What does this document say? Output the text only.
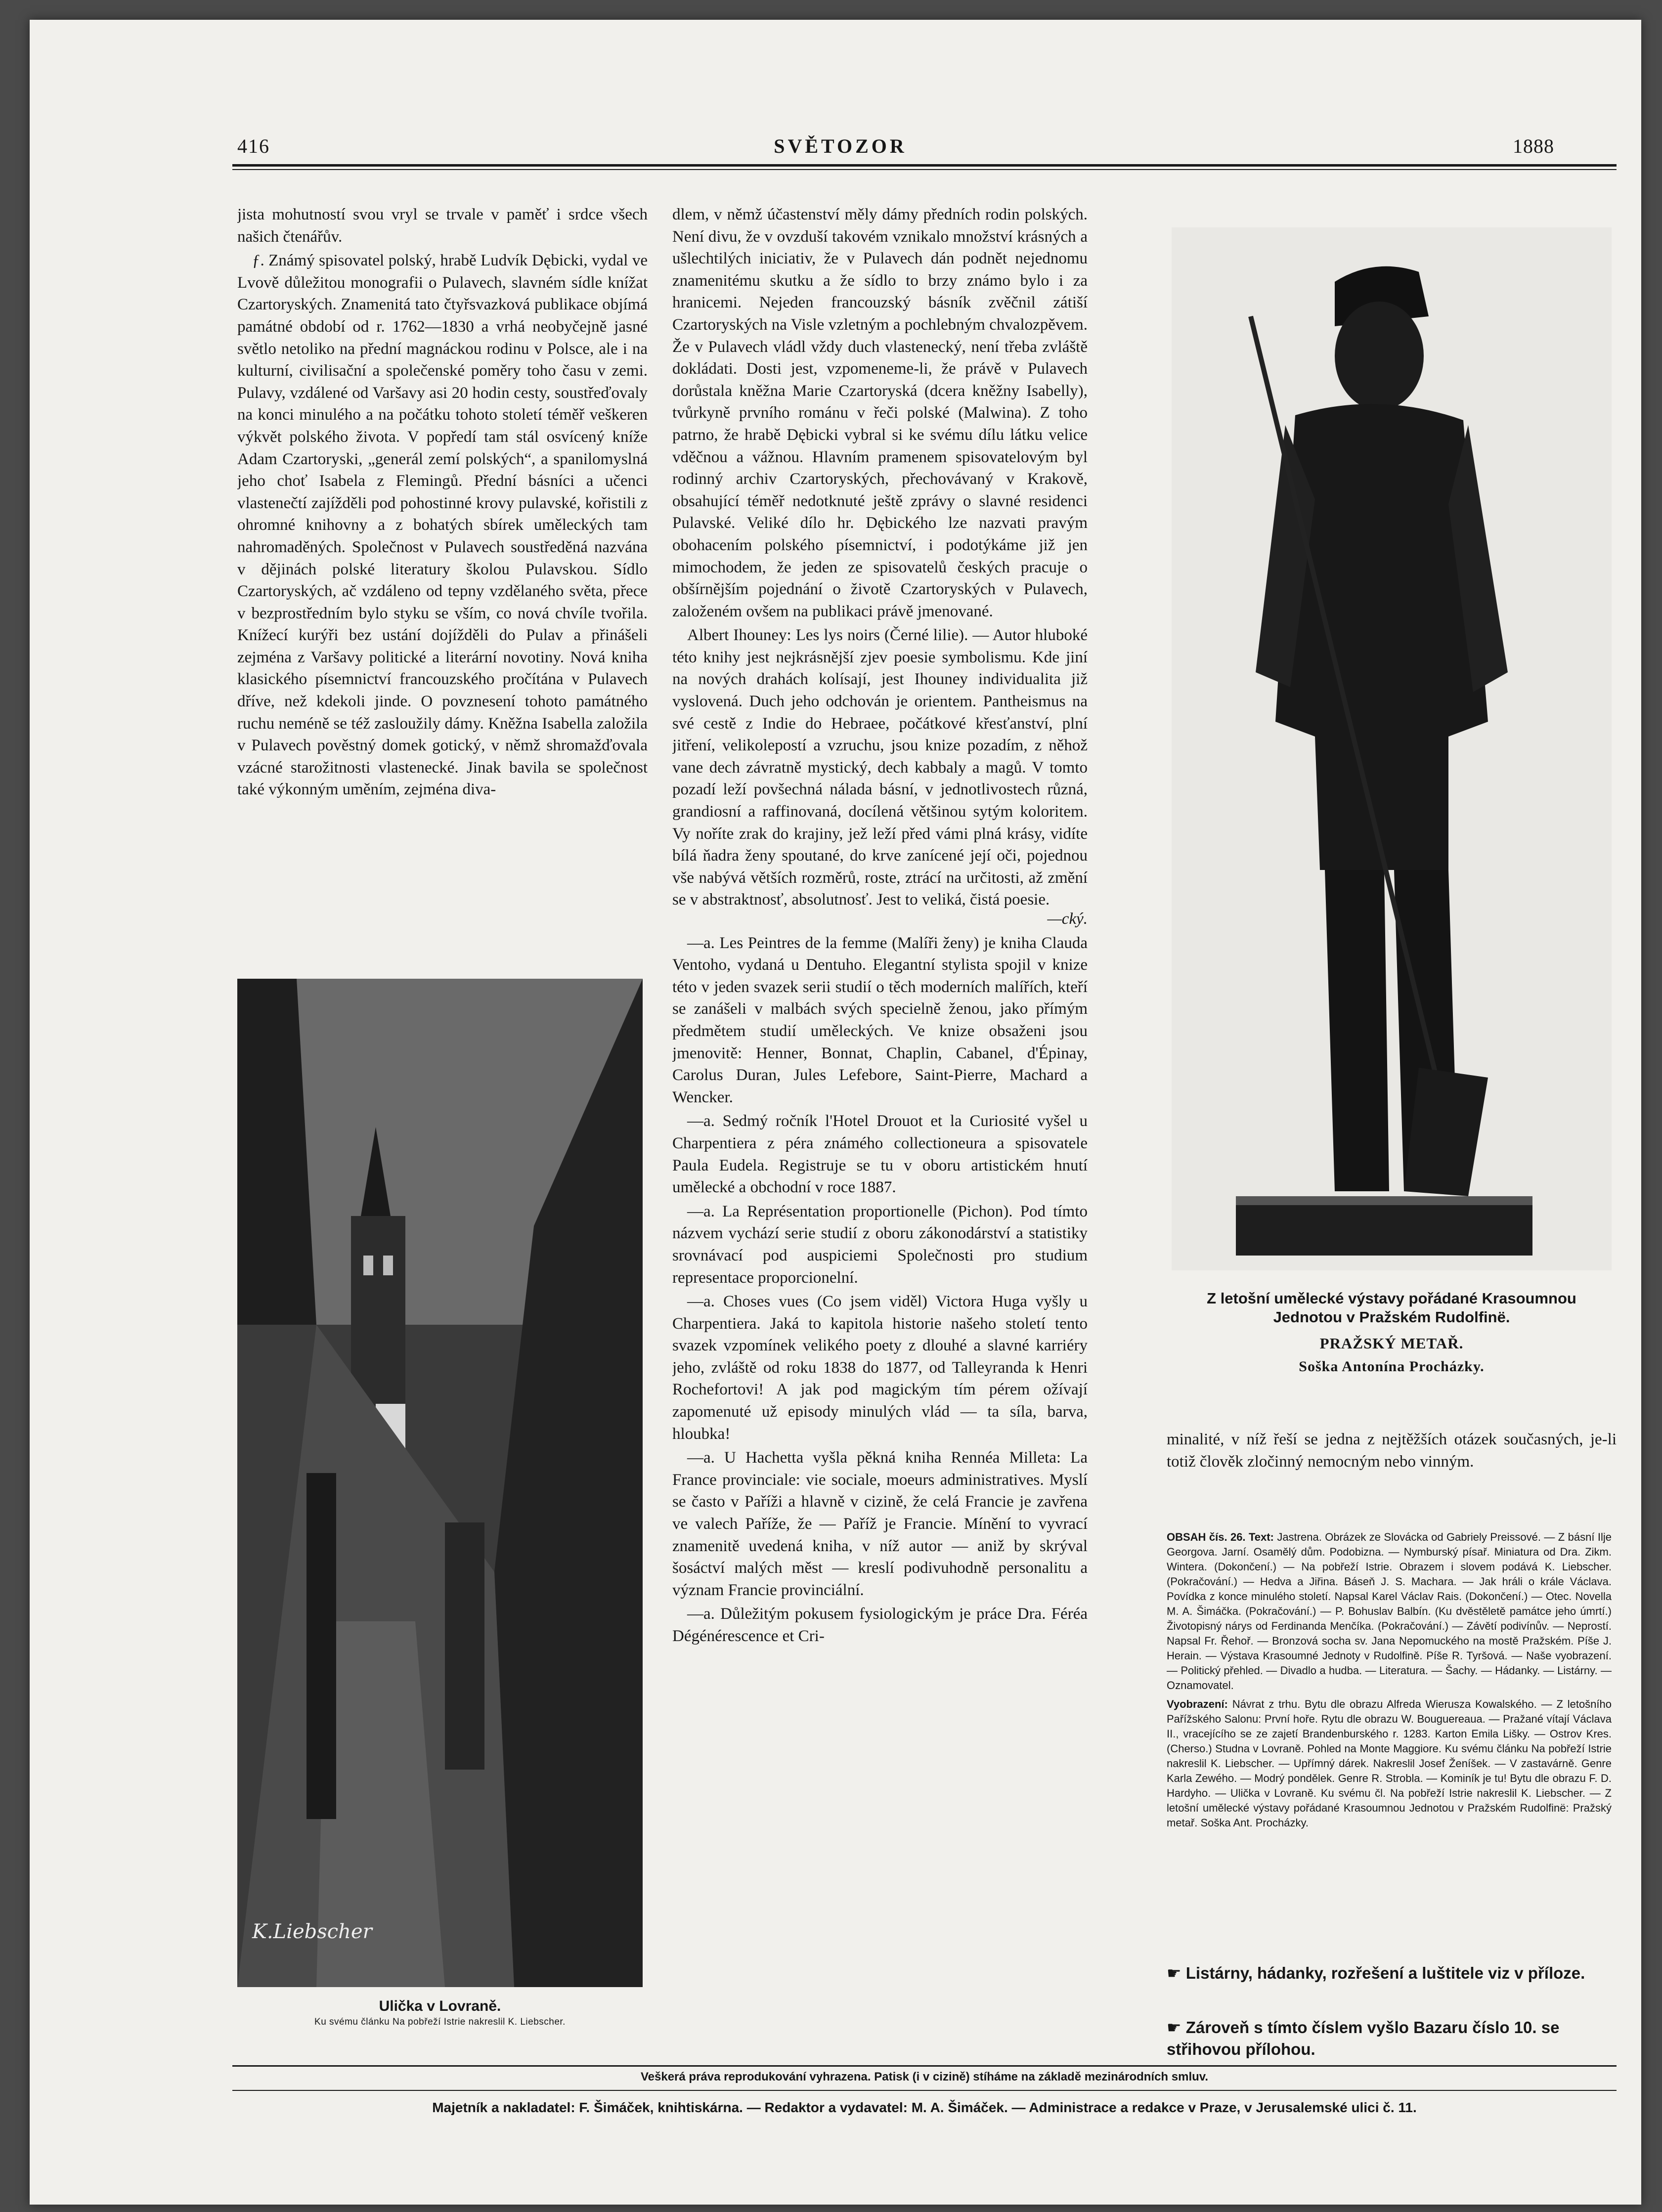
416	SVĚTOZOR	1888

jista mohutností svou vryl se trvale v paměť i srdce všech našich čtenářův.

ƒ. Známý spisovatel polský, hrabě Ludvík Dębicki, vydal ve Lvově důležitou monografii o Pulavech, slavném sídle knížat Czartoryských. Znamenitá tato čtyřsvazková publikace objímá památné období od r. 1762—1830 a vrhá neobyčejně jasné světlo netoliko na přední magnáckou rodinu v Polsce, ale i na kulturní, civilisační a společenské poměry toho času v zemi. Pulavy, vzdálené od Varšavy asi 20 hodin cesty, soustřeďovaly na konci minulého a na počátku tohoto století téměř veškeren výkvět polského života. V popředí tam stál osvícený kníže Adam Czartoryski, „generál zemí polských“, a spanilomyslná jeho choť Isabela z Flemingů. Přední básníci a učenci vlastenečtí zajížděli pod pohostinné krovy pulavské, kořistili z ohromné knihovny a z bohatých sbírek uměleckých tam nahromaděných. Společnost v Pulavech soustředěná nazvána v dějinách polské literatury školou Pulavskou. Sídlo Czartoryských, ač vzdáleno od tepny vzdělaného světa, přece v bezprostředním bylo styku se vším, co nová chvíle tvořila. Knížecí kurýři bez ustání dojížděli do Pulav a přinášeli zejména z Varšavy politické a literární novotiny. Nová kniha klasického písemnictví francouzského pročítána v Pulavech dříve, než kdekoli jinde. O povznesení tohoto památného ruchu neméně se též zasloužily dámy. Kněžna Isabella založila v Pulavech pověstný domek gotický, v němž shromažďovala vzácné starožitnosti vlastenecké. Jinak bavila se společnost také výkonným uměním, zejména diva-

K.Liebscher
Ulička v Lovraně.
Ku svému článku Na pobřeží Istrie nakreslil K. Liebscher.

dlem, v němž účastenství měly dámy předních rodin polských. Není divu, že v ovzduší takovém vznikalo množství krásných a ušlechtilých iniciativ, že v Pulavech dán podnět nejednomu znamenitému skutku a že sídlo to brzy známo bylo i za hranicemi. Nejeden francouzský básník zvěčnil zátiší Czartoryských na Visle vzletným a pochlebným chvalozpěvem. Že v Pulavech vládl vždy duch vlastenecký, není třeba zvláště dokládati. Dosti jest, vzpomeneme-li, že právě v Pulavech dorůstala kněžna Marie Czartoryská (dcera kněžny Isabelly), tvůrkyně prvního románu v řeči polské (Malwina). Z toho patrno, že hrabě Dębicki vybral si ke svému dílu látku velice vděčnou a vážnou. Hlavním pramenem spisovatelovým byl rodinný archiv Czartoryských, přechovávaný v Krakově, obsahující téměř nedotknuté ještě zprávy o slavné residenci Pulavské. Veliké dílo hr. Dębického lze nazvati pravým obohacením polského písemnictví, i podotýkáme již jen mimochodem, že jeden ze spisovatelů českých pracuje o obšírnějším pojednání o životě Czartoryských v Pulavech, založeném ovšem na publikaci právě jmenované.

Albert Ihouney: Les lys noirs (Černé lilie). — Autor hluboké této knihy jest nejkrásnější zjev poesie symbolismu. Kde jiní na nových drahách kolísají, jest Ihouney individualita již vyslovená. Duch jeho odchován je orientem. Pantheismus na své cestě z Indie do Hebraee, počátkové křesťanství, plní jitření, velikolepostí a vzruchu, jsou knize pozadím, z něhož vane dech závratně mystický, dech kabbaly a magů. V tomto pozadí leží povšechná nálada básní, v jednotlivostech různá, grandiosní a raffinovaná, docílená většinou sytým koloritem. Vy noříte zrak do krajiny, jež leží před vámi plná krásy, vidíte bílá ňadra ženy spoutané, do krve zanícené její oči, pojednou vše nabývá větších rozměrů, roste, ztrácí na určitosti, až změní se v abstraktnosť, absolutnosť. Jest to veliká, čistá poesie.

—cký.

—a. Les Peintres de la femme (Malíři ženy) je kniha Clauda Ventoho, vydaná u Dentuho. Elegantní stylista spojil v knize této v jeden svazek serii studií o těch moderních malířích, kteří se zanášeli v malbách svých specielně ženou, jako přímým předmětem studií uměleckých. Ve knize obsaženi jsou jmenovitě: Henner, Bonnat, Chaplin, Cabanel, d'Épinay, Carolus Duran, Jules Lefebore, Saint-Pierre, Machard a Wencker.

—a. Sedmý ročník l'Hotel Drouot et la Curiosité vyšel u Charpentiera z péra známého collectioneura a spisovatele Paula Eudela. Registruje se tu v oboru artistickém hnutí umělecké a obchodní v roce 1887.

—a. La Représentation proportionelle (Pichon). Pod tímto názvem vychází serie studií z oboru zákonodárství a statistiky srovnávací pod auspiciemi Společnosti pro studium representace proporcionelní.

—a. Choses vues (Co jsem viděl) Victora Huga vyšly u Charpentiera. Jaká to kapitola historie našeho století tento svazek vzpomínek velikého poety z dlouhé a slavné karriéry jeho, zvláště od roku 1838 do 1877, od Talleyranda k Henri Rochefortovi! A jak pod magickým tím pérem ožívají zapomenuté už episody minulých vlád — ta síla, barva, hloubka!

—a. U Hachetta vyšla pěkná kniha Rennéa Milleta: La France provinciale: vie sociale, moeurs administratives. Myslí se často v Paříži a hlavně v cizině, že celá Francie je zavřena ve valech Paříže, že — Paříž je Francie. Mínění to vyvrací znamenitě uvedená kniha, v níž autor — aniž by skrýval šosáctví malých měst — kreslí podivuhodně personalitu a význam Francie provinciální.

—a. Důležitým pokusem fysiologickým je práce Dra. Féréa Dégénérescence et Cri-

Z letošní umělecké výstavy pořádané Krasoumnou Jednotou v Pražském Rudolfinë.
PRAŽSKÝ METAŘ.
Soška Antonína Procházky.

minalité, v níž řeší se jedna z nejtěžších otázek současných, je-li totiž člověk zločinný nemocným nebo vinným.

OBSAH čís. 26. Text: Jastrena. Obrázek ze Slovácka od Gabriely Preissové. — Z básní Ilje Georgova. Jarní. Osamělý dům. Podobizna. — Nymburský písař. Miniatura od Dra. Zikm. Wintera. (Dokončení.) — Na pobřeží Istrie. Obrazem i slovem podává K. Liebscher. (Pokračování.) — Hedva a Jiřina. Báseň J. S. Machara. — Jak hráli o krále Václava. Povídka z konce minulého století. Napsal Karel Václav Rais. (Dokončení.) — Otec. Novella M. A. Šimáčka. (Pokračování.) — P. Bohuslav Balbín. (Ku dvěstěletě památce jeho úmrtí.) Životopisný nárys od Ferdinanda Menčíka. (Pokračování.) — Závětí podivínův. — Neprostí. Napsal Fr. Řehoř. — Bronzová socha sv. Jana Nepomuckého na mostě Pražském. Píše J. Herain. — Výstava Krasoumné Jednoty v Rudolfině. Píše R. Tyršová. — Naše vyobrazení. — Politický přehled. — Divadlo a hudba. — Literatura. — Šachy. — Hádanky. — Listárny. — Oznamovatel.
Vyobrazení: Návrat z trhu. Bytu dle obrazu Alfreda Wierusza Kowalského. — Z letošního Pařížského Salonu: První hoře. Rytu dle obrazu W. Bouguereaua. — Pražané vítají Václava II., vracejícího se ze zajetí Brandenburského r. 1283. Karton Emila Lišky. — Ostrov Kres. (Cherso.) Studna v Lovraně. Pohled na Monte Maggiore. Ku svému článku Na pobřeží Istrie nakreslil K. Liebscher. — Upřímný dárek. Nakreslil Josef Ženíšek. — V zastavárně. Genre Karla Zewého. — Modrý pondělek. Genre R. Strobla. — Kominík je tu! Bytu dle obrazu F. D. Hardyho. — Ulička v Lovraně. Ku svému čl. Na pobřeží Istrie nakreslil K. Liebscher. — Z letošní umělecké výstavy pořádané Krasoumnou Jednotou v Pražském Rudolfinë: Pražský metař. Soška Ant. Procházky.
☛ Listárny, hádanky, rozřešení a luštitele viz v příloze.
☛ Zároveň s tímto číslem vyšlo Bazaru číslo 10. se střihovou přílohou.
Veškerá práva reprodukování vyhrazena. Patisk (i v cizině) stíháme na základě mezinárodních smluv.
Majetník a nakladatel: F. Šimáček, knihtiskárna. — Redaktor a vydavatel: M. A. Šimáček. — Administrace a redakce v Praze, v Jerusalemské ulici č. 11.
